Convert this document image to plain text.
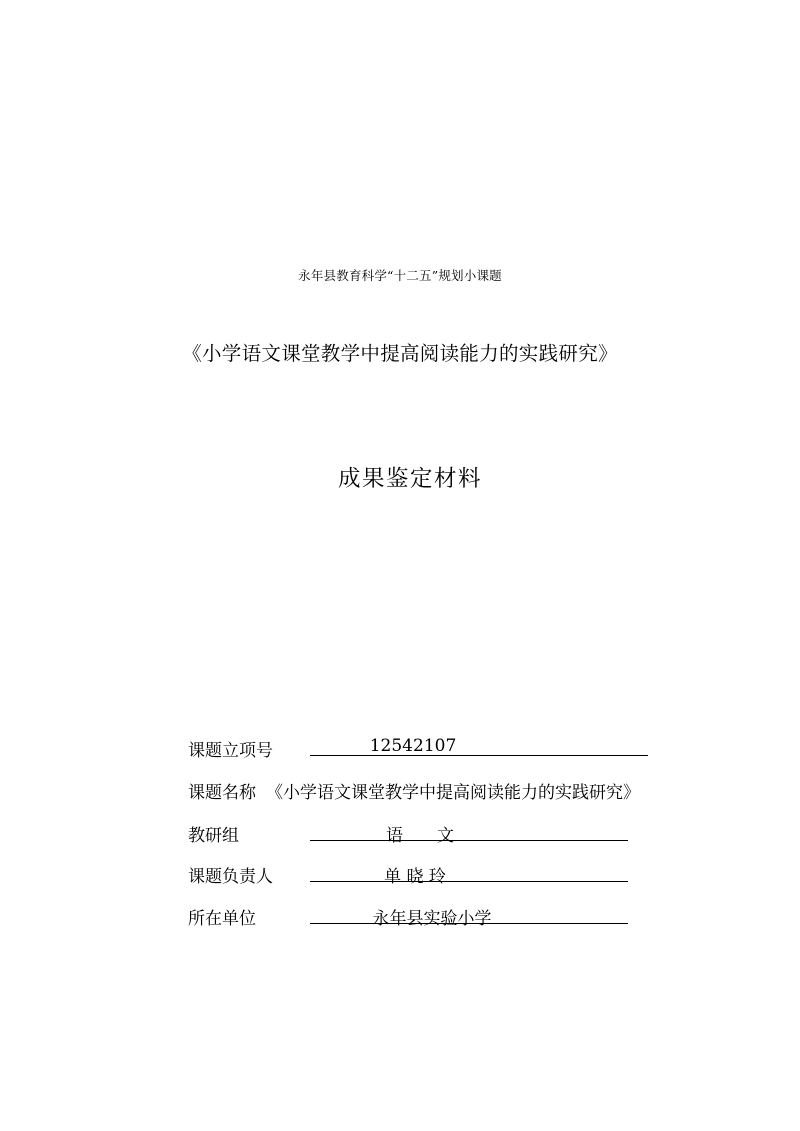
永年县教育科学“十二五”规划小课题
《小学语文课堂教学中提高阅读能力的实践研究》
成果鉴定材料
课题立项号	12542107
课题名称 《小学语文课堂教学中提高阅读能力的实践研究》
教研组	语　　文
课题负责人	单 晓 玲
所在单位	永年县实验小学
